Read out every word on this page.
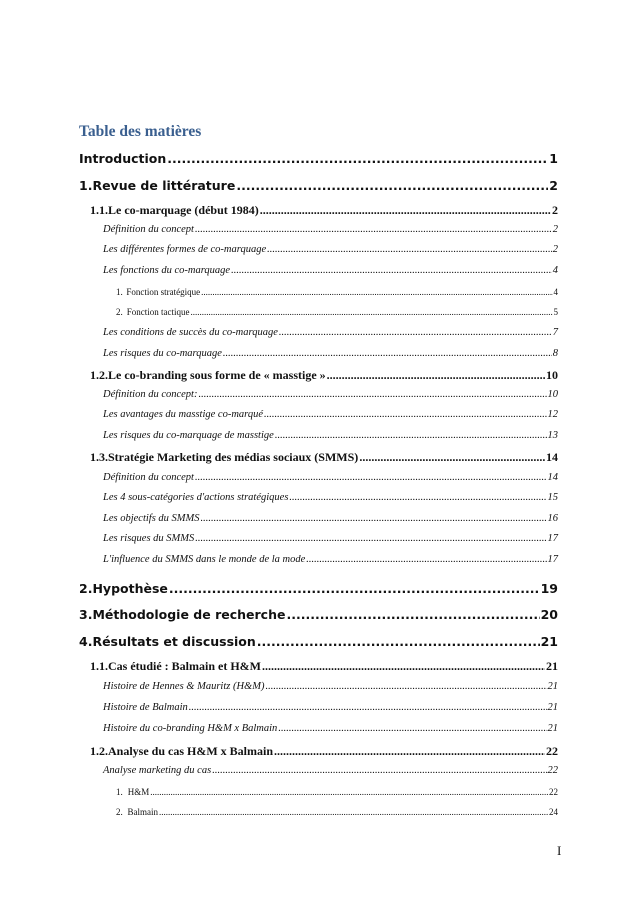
Table des matières
Introduction .....	1
1. Revue de littérature .....	2
1.1. Le co-marquage (début 1984) .....	2
Définition du concept .....	2
Les différentes formes de co-marquage .....	2
Les fonctions du co-marquage .....	4
1. Fonction stratégique .....	4
2. Fonction tactique .....	5
Les conditions de succès du co-marquage .....	7
Les risques du co-marquage .....	8
1.2. Le co-branding sous forme de « masstige » .....	10
Définition du concept: .....	10
Les avantages du masstige co-marqué .....	12
Les risques du co-marquage de masstige .....	13
1.3. Stratégie Marketing des médias sociaux (SMMS) .....	14
Définition du concept .....	14
Les 4 sous-catégories d'actions stratégiques .....	15
Les objectifs du SMMS .....	16
Les risques du SMMS .....	17
L'influence du SMMS dans le monde de la mode .....	17
2. Hypothèse .....	19
3. Méthodologie de recherche .....	20
4. Résultats et discussion .....	21
1.1. Cas étudié : Balmain et H&M .....	21
Histoire de Hennes & Mauritz (H&M) .....	21
Histoire de Balmain .....	21
Histoire du co-branding H&M x Balmain .....	21
1.2. Analyse du cas H&M x Balmain .....	22
Analyse marketing du cas .....	22
1. H&M .....	22
2. Balmain .....	24
I
